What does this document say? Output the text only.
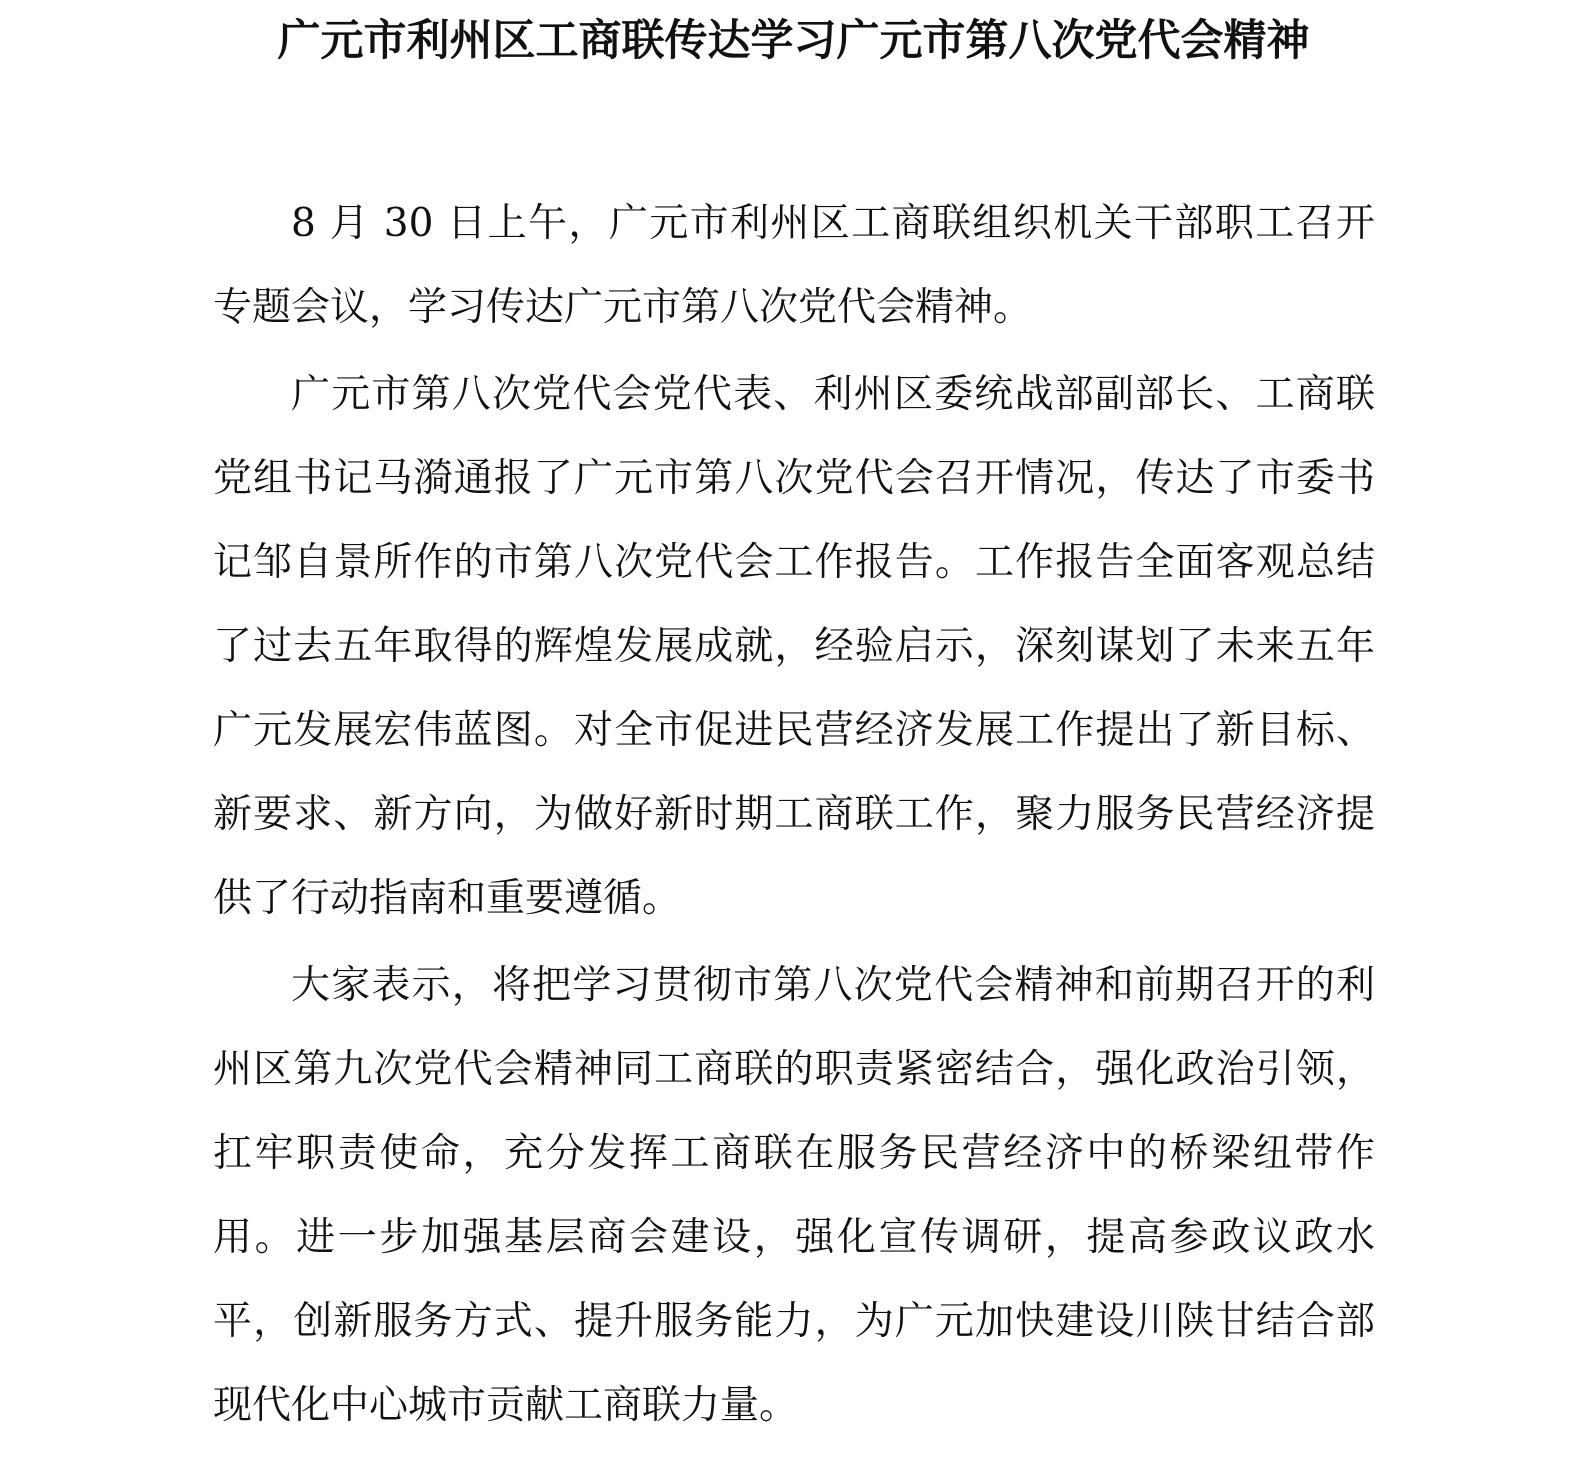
广元市利州区工商联传达学习广元市第八次党代会精神

8 月 30 日上午，广元市利州区工商联组织机关干部职工召开专题会议，学习传达广元市第八次党代会精神。

广元市第八次党代会党代表、利州区委统战部副部长、工商联党组书记马漪通报了广元市第八次党代会召开情况，传达了市委书记邹自景所作的市第八次党代会工作报告。工作报告全面客观总结了过去五年取得的辉煌发展成就，经验启示，深刻谋划了未来五年广元发展宏伟蓝图。对全市促进民营经济发展工作提出了新目标、新要求、新方向，为做好新时期工商联工作，聚力服务民营经济提供了行动指南和重要遵循。

大家表示，将把学习贯彻市第八次党代会精神和前期召开的利州区第九次党代会精神同工商联的职责紧密结合，强化政治引领，扛牢职责使命，充分发挥工商联在服务民营经济中的桥梁纽带作用。进一步加强基层商会建设，强化宣传调研，提高参政议政水平，创新服务方式、提升服务能力，为广元加快建设川陕甘结合部现代化中心城市贡献工商联力量。
